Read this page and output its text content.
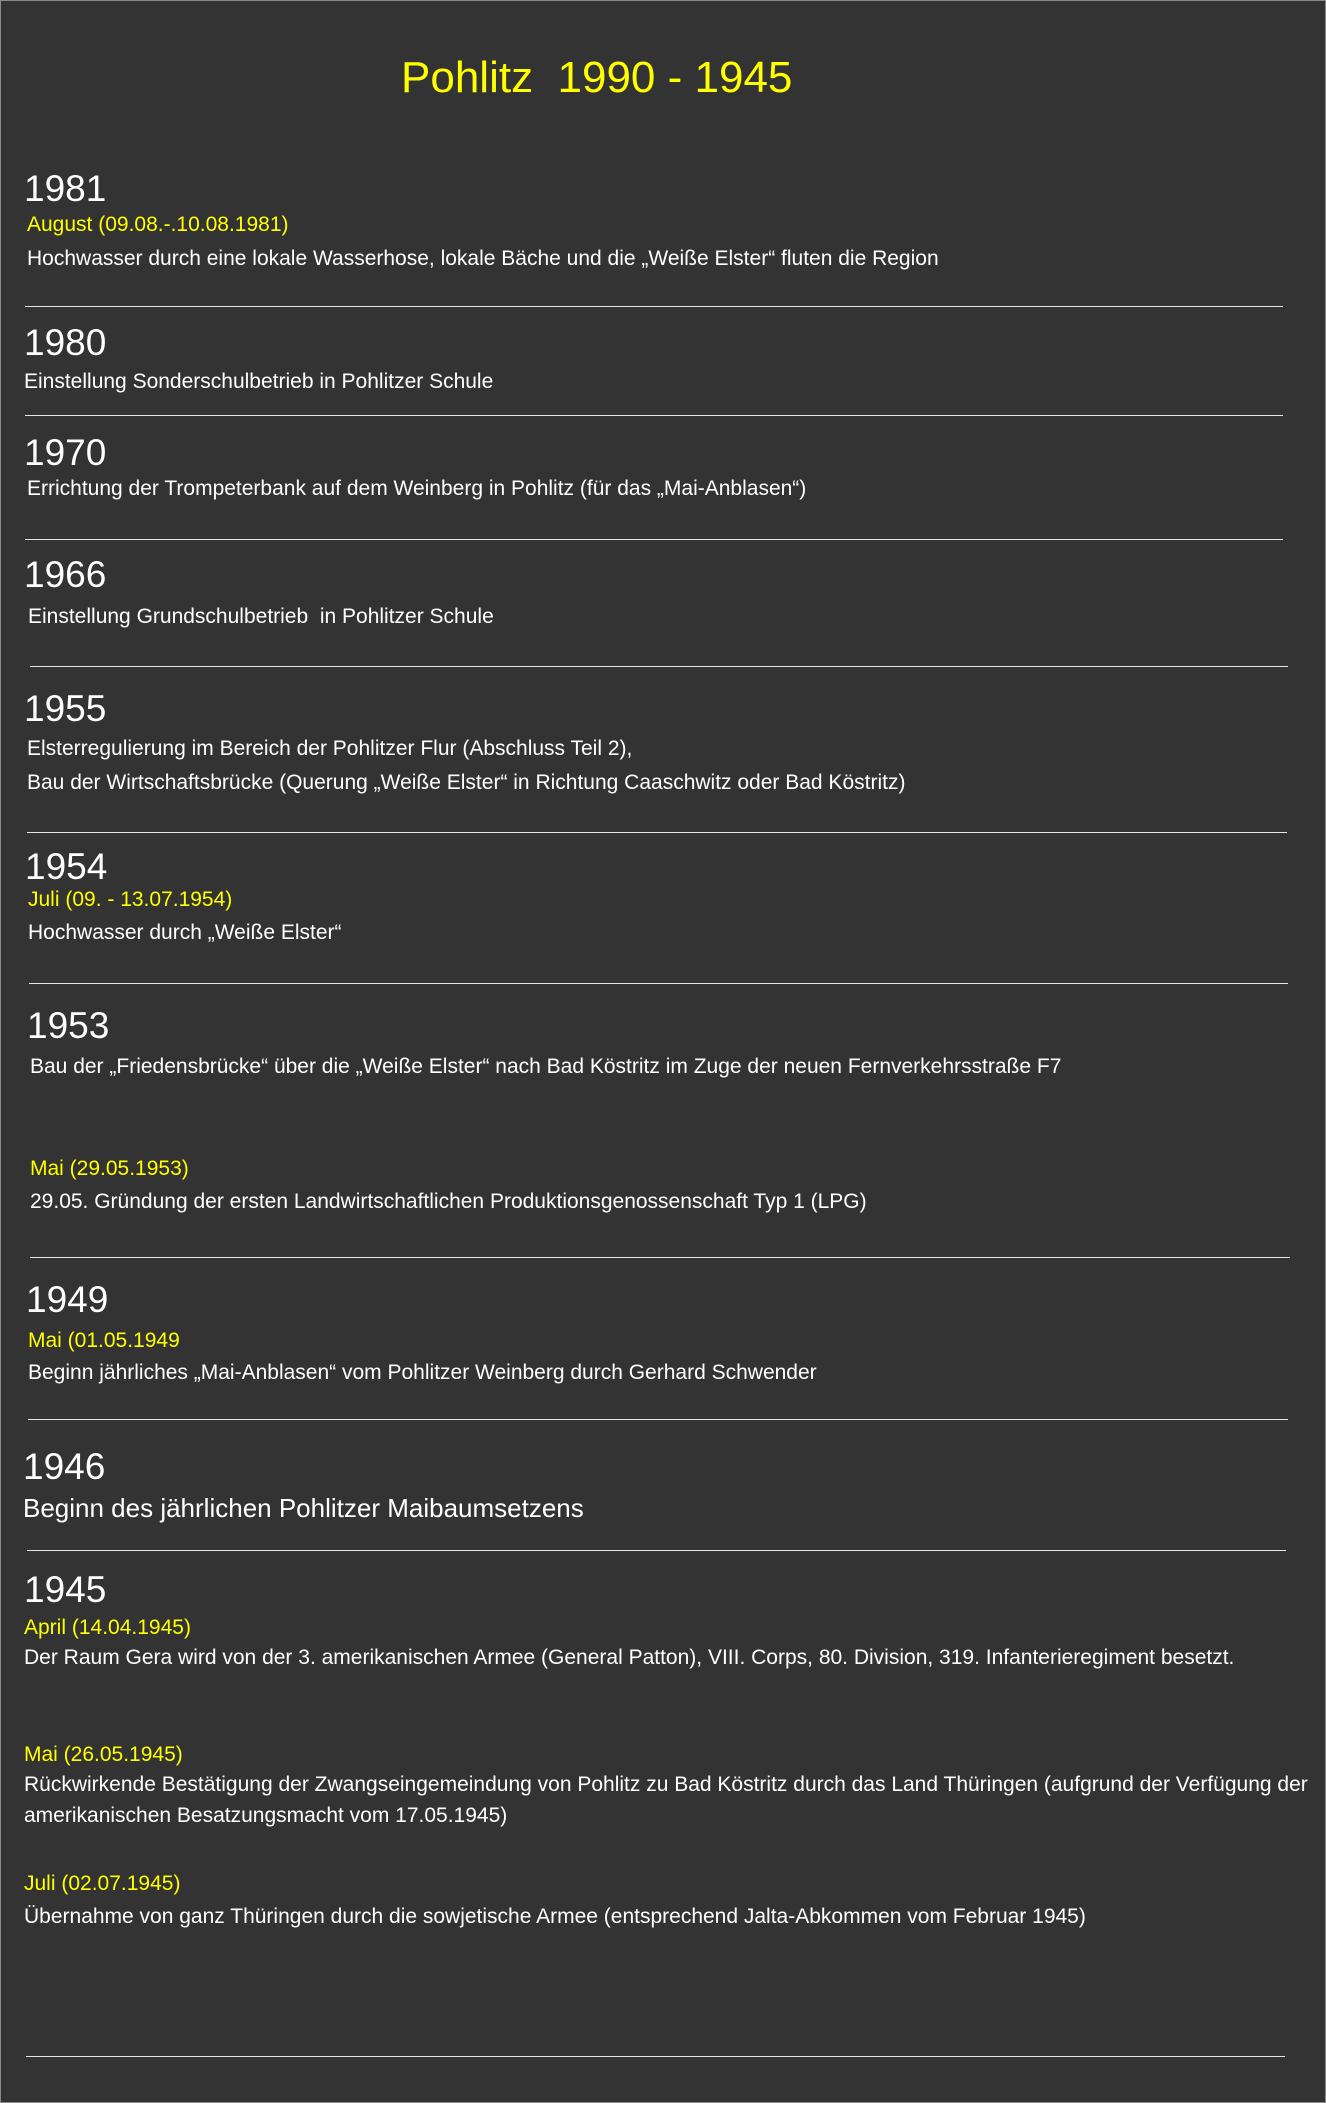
Pohlitz  1990 - 1945
1981
August (09.08.-.10.08.1981)
Hochwasser durch eine lokale Wasserhose, lokale Bäche und die „Weiße Elster“ fluten die Region
1980
Einstellung Sonderschulbetrieb in Pohlitzer Schule
1970
Errichtung der Trompeterbank auf dem Weinberg in Pohlitz (für das „Mai-Anblasen“)
1966
Einstellung Grundschulbetrieb  in Pohlitzer Schule
1955
Elsterregulierung im Bereich der Pohlitzer Flur (Abschluss Teil 2),
Bau der Wirtschaftsbrücke (Querung „Weiße Elster“ in Richtung Caaschwitz oder Bad Köstritz)
1954
Juli (09. - 13.07.1954)
Hochwasser durch „Weiße Elster“
1953
Bau der „Friedensbrücke“ über die „Weiße Elster“ nach Bad Köstritz im Zuge der neuen Fernverkehrsstraße F7
Mai (29.05.1953)
29.05. Gründung der ersten Landwirtschaftlichen Produktionsgenossenschaft Typ 1 (LPG)
1949
Mai (01.05.1949
Beginn jährliches „Mai-Anblasen“ vom Pohlitzer Weinberg durch Gerhard Schwender
1946
Beginn des jährlichen Pohlitzer Maibaumsetzens
1945
April (14.04.1945)
Der Raum Gera wird von der 3. amerikanischen Armee (General Patton), VIII. Corps, 80. Division, 319. Infanterieregiment besetzt.
Mai (26.05.1945)
Rückwirkende Bestätigung der Zwangseingemeindung von Pohlitz zu Bad Köstritz durch das Land Thüringen (aufgrund der Verfügung der amerikanischen Besatzungsmacht vom 17.05.1945)
Juli (02.07.1945)
Übernahme von ganz Thüringen durch die sowjetische Armee (entsprechend Jalta-Abkommen vom Februar 1945)
